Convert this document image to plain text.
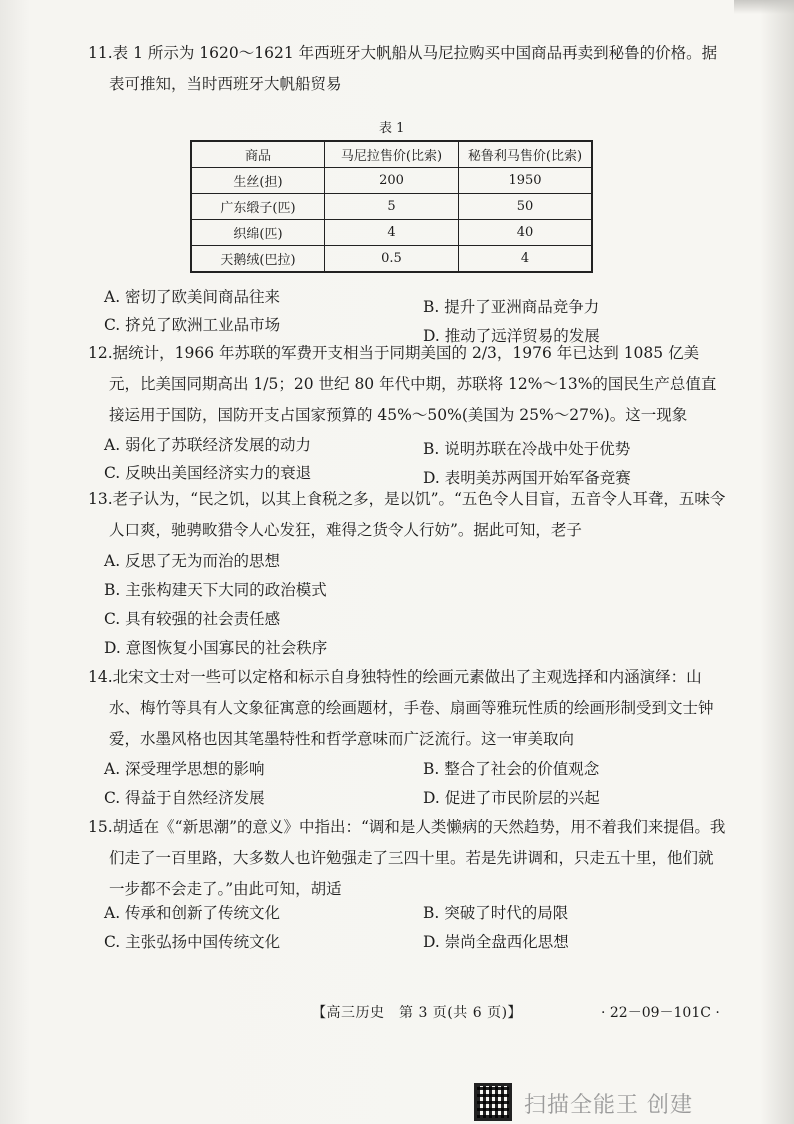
11.表 1 所示为 1620～1621 年西班牙大帆船从马尼拉购买中国商品再卖到秘鲁的价格。据表可推知，当时西班牙大帆船贸易

表 1
商品	马尼拉售价(比索)	秘鲁利马售价(比索)
生丝(担)	200	1950
广东缎子(匹)	5	50
织绵(匹)	4	40
天鹅绒(巴拉)	0.5	4
A. 密切了欧美间商品往来
B. 提升了亚洲商品竞争力
C. 挤兑了欧洲工业品市场
D. 推动了远洋贸易的发展

12.据统计，1966 年苏联的军费开支相当于同期美国的 2/3，1976 年已达到 1085 亿美元，比美国同期高出 1/5；20 世纪 80 年代中期，苏联将 12%～13%的国民生产总值直接运用于国防，国防开支占国家预算的 45%～50%(美国为 25%～27%)。这一现象

A. 弱化了苏联经济发展的动力	B. 说明苏联在冷战中处于优势
C. 反映出美国经济实力的衰退	D. 表明美苏两国开始军备竞赛

13.老子认为，“民之饥，以其上食税之多，是以饥”。“五色令人目盲，五音令人耳聋，五味令人口爽，驰骋畋猎令人心发狂，难得之货令人行妨”。据此可知，老子

A. 反思了无为而治的思想
B. 主张构建天下大同的政治模式
C. 具有较强的社会责任感
D. 意图恢复小国寡民的社会秩序

14.北宋文士对一些可以定格和标示自身独特性的绘画元素做出了主观选择和内涵演绎：山水、梅竹等具有人文象征寓意的绘画题材，手卷、扇画等雅玩性质的绘画形制受到文士钟爱，水墨风格也因其笔墨特性和哲学意味而广泛流行。这一审美取向

A. 深受理学思想的影响	B. 整合了社会的价值观念
C. 得益于自然经济发展	D. 促进了市民阶层的兴起

15.胡适在《“新思潮”的意义》中指出：“调和是人类懒病的天然趋势，用不着我们来提倡。我们走了一百里路，大多数人也许勉强走了三四十里。若是先讲调和，只走五十里，他们就一步都不会走了。”由此可知，胡适

A. 传承和创新了传统文化	B. 突破了时代的局限
C. 主张弘扬中国传统文化	D. 崇尚全盘西化思想
【高三历史　第 3 页(共 6 页)】	· 22－09－101C ·
扫描全能王 创建
